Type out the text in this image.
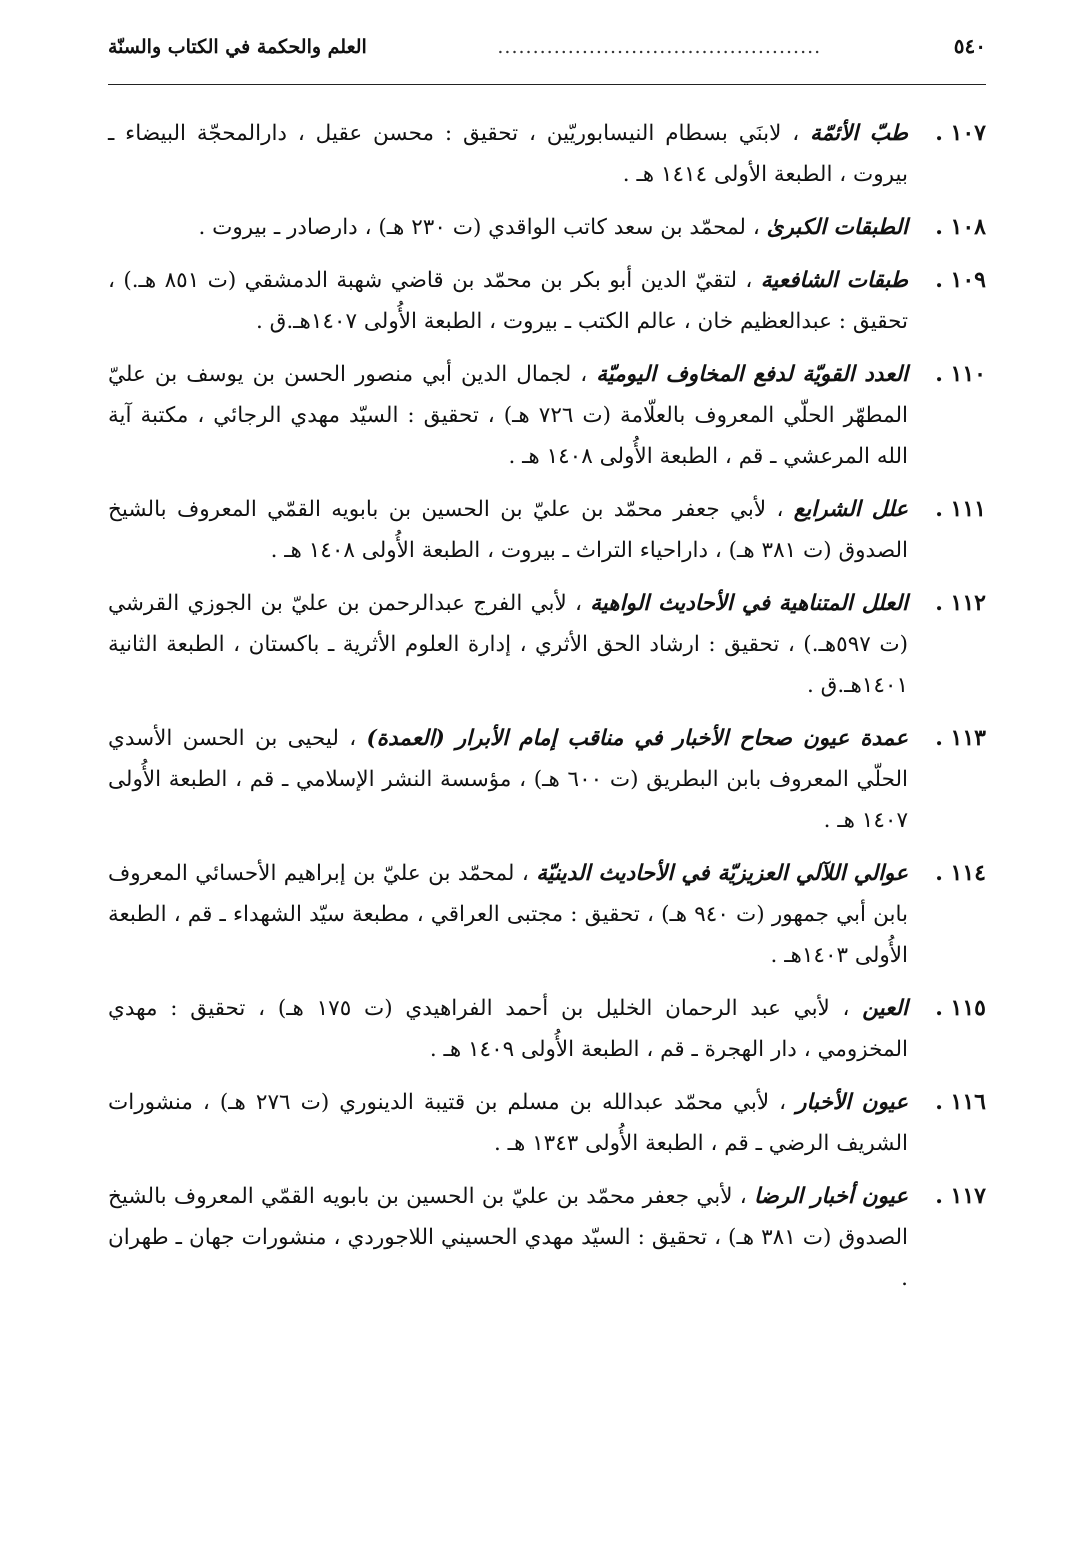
٥٤٠
..............................................
العلم والحكمة في الكتاب والسنّة
١٠٧ .
طبّ الأئمّة ، لابنَي بسطام النيسابوريّين ، تحقيق : محسن عقيل ، دارالمحجّة البيضاء ـ بيروت ، الطبعة الأولى ١٤١٤ هـ .
١٠٨ .
الطبقات الكبرىٰ ، لمحمّد بن سعد كاتب الواقدي (ت ٢٣٠ هـ) ، دارصادر ـ بيروت .
١٠٩ .
طبقات الشافعية ، لتقيّ الدين أبو بكر بن محمّد بن قاضي شهبة الدمشقي (ت ٨٥١ هـ.) ، تحقيق : عبدالعظيم خان ، عالم الكتب ـ بيروت ، الطبعة الأُولى ١٤٠٧هـ.ق .
١١٠ .
العدد القويّة لدفع المخاوف اليوميّة ، لجمال الدين أبي منصور الحسن بن يوسف بن عليّ المطهّر الحلّي المعروف بالعلّامة (ت ٧٢٦ هـ) ، تحقيق : السيّد مهدي الرجائي ، مكتبة آية الله المرعشي ـ قم ، الطبعة الأُولى ١٤٠٨ هـ .
١١١ .
علل الشرايع ، لأبي جعفر محمّد بن عليّ بن الحسين بن بابويه القمّي المعروف بالشيخ الصدوق (ت ٣٨١ هـ) ، داراحياء التراث ـ بيروت ، الطبعة الأُولى ١٤٠٨ هـ .
١١٢ .
العلل المتناهية في الأحاديث الواهية ، لأبي الفرج عبدالرحمن بن عليّ بن الجوزي القرشي (ت ٥٩٧هـ.) ، تحقيق : ارشاد الحق الأثري ، إدارة العلوم الأثرية ـ باكستان ، الطبعة الثانية ١٤٠١هـ.ق .
١١٣ .
عمدة عيون صحاح الأخبار في مناقب إمام الأبرار (العمدة) ، ليحيى بن الحسن الأسدي الحلّي المعروف بابن البطريق (ت ٦٠٠ هـ) ، مؤسسة النشر الإسلامي ـ قم ، الطبعة الأُولى ١٤٠٧ هـ .
١١٤ .
عوالي اللآلي العزيزيّة في الأحاديث الدينيّة ، لمحمّد بن عليّ بن إبراهيم الأحسائي المعروف بابن أبي جمهور (ت ٩٤٠ هـ) ، تحقيق : مجتبى العراقي ، مطبعة سيّد الشهداء ـ قم ، الطبعة الأُولى ١٤٠٣هـ .
١١٥ .
العين ، لأبي عبد الرحمان الخليل بن أحمد الفراهيدي (ت ١٧٥ هـ) ، تحقيق : مهدي المخزومي ، دار الهجرة ـ قم ، الطبعة الأُولى ١٤٠٩ هـ .
١١٦ .
عيون الأخبار ، لأبي محمّد عبدالله بن مسلم بن قتيبة الدينوري (ت ٢٧٦ هـ) ، منشورات الشريف الرضي ـ قم ، الطبعة الأُولى ١٣٤٣ هـ .
١١٧ .
عيون أخبار الرضا ، لأبي جعفر محمّد بن عليّ بن الحسين بن بابويه القمّي المعروف بالشيخ الصدوق (ت ٣٨١ هـ) ، تحقيق : السيّد مهدي الحسيني اللاجوردي ، منشورات جهان ـ طهران .
